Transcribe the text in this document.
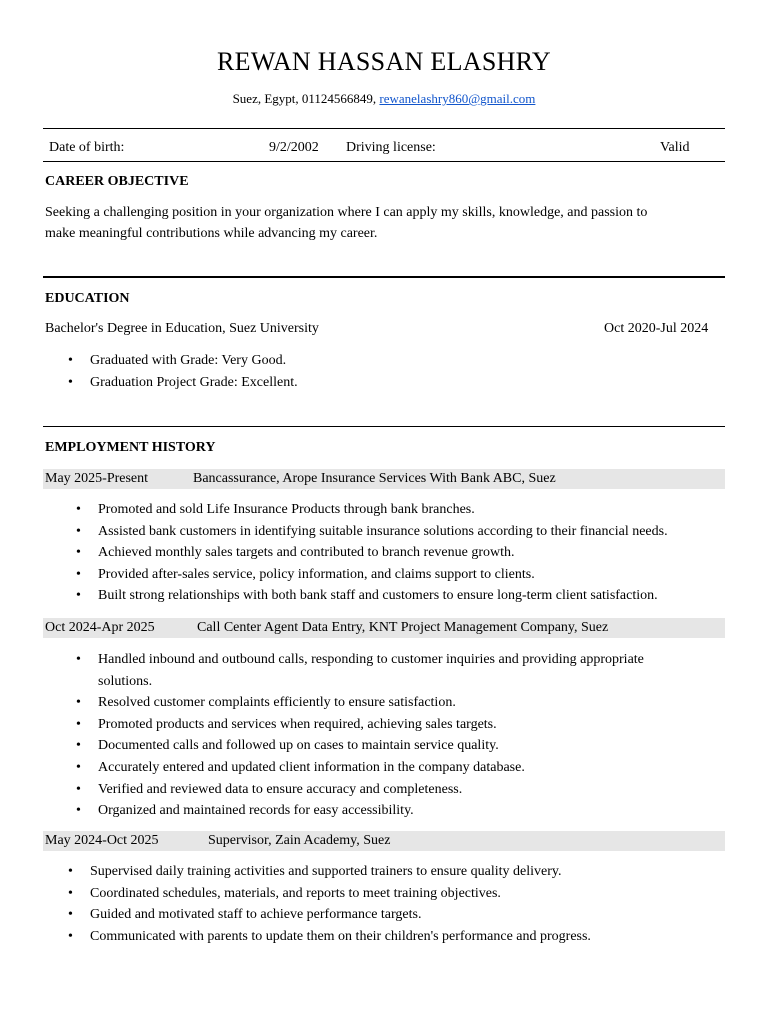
REWAN HASSAN ELASHRY
Suez, Egypt, 01124566849, rewanelashry860@gmail.com
Date of birth:	9/2/2002 Driving license:	Valid
CAREER OBJECTIVE
Seeking a challenging position in your organization where I can apply my skills, knowledge, and passion to
make meaningful contributions while advancing my career.
EDUCATION
Bachelor's Degree in Education, Suez University	Oct 2020-Jul 2024
• Graduated with Grade: Very Good.
• Graduation Project Grade: Excellent.
EMPLOYMENT HISTORY
May 2025-Present	Bancassurance, Arope Insurance Services With Bank ABC, Suez
• Promoted and sold Life Insurance Products through bank branches.
• Assisted bank customers in identifying suitable insurance solutions according to their financial needs.
• Achieved monthly sales targets and contributed to branch revenue growth.
• Provided after-sales service, policy information, and claims support to clients.
• Built strong relationships with both bank staff and customers to ensure long-term client satisfaction.
Oct 2024-Apr 2025	Call Center Agent Data Entry, KNT Project Management Company, Suez
• Handled inbound and outbound calls, responding to customer inquiries and providing appropriate
solutions.
• Resolved customer complaints efficiently to ensure satisfaction.
• Promoted products and services when required, achieving sales targets.
• Documented calls and followed up on cases to maintain service quality.
• Accurately entered and updated client information in the company database.
• Verified and reviewed data to ensure accuracy and completeness.
• Organized and maintained records for easy accessibility.
May 2024-Oct 2025	Supervisor, Zain Academy, Suez
• Supervised daily training activities and supported trainers to ensure quality delivery.
• Coordinated schedules, materials, and reports to meet training objectives.
• Guided and motivated staff to achieve performance targets.
• Communicated with parents to update them on their children's performance and progress.
